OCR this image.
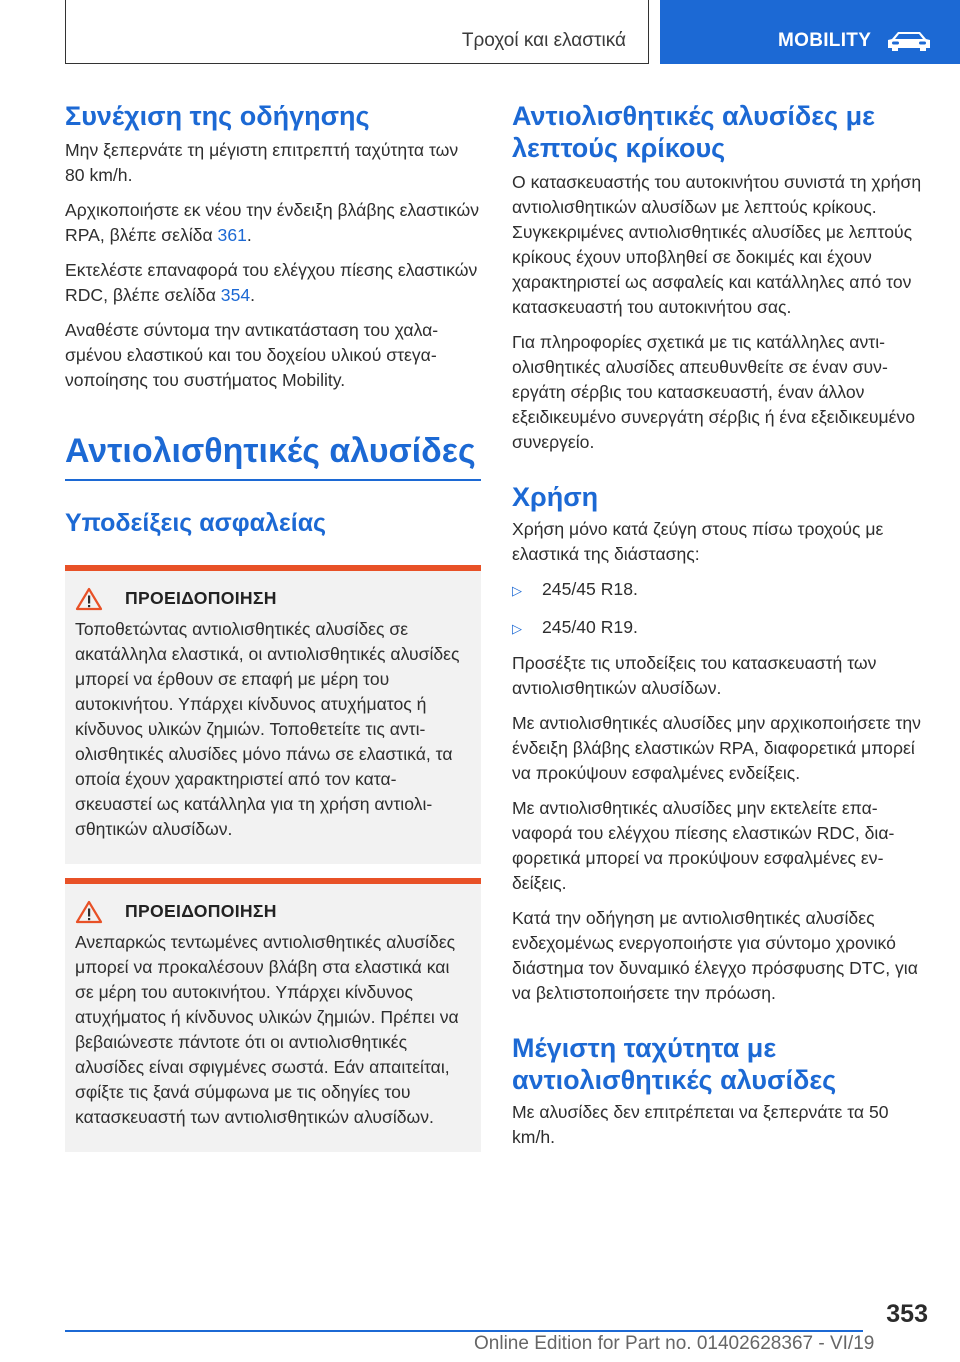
Τροχοί και ελαστικά	MOBILITY
Συνέχιση της οδήγησης

Μην ξεπερνάτε τη μέγιστη επιτρεπτή ταχύτητα των 80 km/h.

Αρχικοποιήστε εκ νέου την ένδειξη βλάβης ελαστικών RPA, βλέπε σελίδα 361.

Εκτελέστε επαναφορά του ελέγχου πίεσης ελαστικών RDC, βλέπε σελίδα 354.

Αναθέστε σύντομα την αντικατάσταση του χαλασμένου ελαστικού και του δοχείου υλικού στεγανοποίησης του συστήματος Mobility.

Αντιολισθητικές αλυσίδες
Υποδείξεις ασφαλείας
ΠΡΟΕΙΔΟΠΟΙΗΣΗ

Τοποθετώντας αντιολισθητικές αλυσίδες σε ακατάλληλα ελαστικά, οι αντιολισθητικές αλυσίδες μπορεί να έρθουν σε επαφή με μέρη του αυτοκινήτου. Υπάρχει κίνδυνος ατυχήματος ή κίνδυνος υλικών ζημιών. Τοποθετείτε τις αντιολισθητικές αλυσίδες μόνο πάνω σε ελαστικά, τα οποία έχουν χαρακτηριστεί από τον κατασκευαστεί ως κατάλληλα για τη χρήση αντιολισθητικών αλυσίδων.

ΠΡΟΕΙΔΟΠΟΙΗΣΗ

Ανεπαρκώς τεντωμένες αντιολισθητικές αλυσίδες μπορεί να προκαλέσουν βλάβη στα ελαστικά και σε μέρη του αυτοκινήτου. Υπάρχει κίνδυνος ατυχήματος ή κίνδυνος υλικών ζημιών. Πρέπει να βεβαιώνεστε πάντοτε ότι οι αντιολισθητικές αλυσίδες είναι σφιγμένες σωστά. Εάν απαιτείται, σφίξτε τις ξανά σύμφωνα με τις οδηγίες του κατασκευαστή των αντιολισθητικών αλυσίδων.

Αντιολισθητικές αλυσίδες με λεπτούς κρίκους

Ο κατασκευαστής του αυτοκινήτου συνιστά τη χρήση αντιολισθητικών αλυσίδων με λεπτούς κρίκους. Συγκεκριμένες αντιολισθητικές αλυσίδες με λεπτούς κρίκους έχουν υποβληθεί σε δοκιμές και έχουν χαρακτηριστεί ως ασφαλείς και κατάλληλες από τον κατασκευαστή του αυτοκινήτου σας.

Για πληροφορίες σχετικά με τις κατάλληλες αντιολισθητικές αλυσίδες απευθυνθείτε σε έναν συνεργάτη σέρβις του κατασκευαστή, έναν άλλον εξειδικευμένο συνεργάτη σέρβις ή ένα εξειδικευμένο συνεργείο.

Χρήση

Χρήση μόνο κατά ζεύγη στους πίσω τροχούς με ελαστικά της διάστασης:

▷	245/45 R18.
▷	245/40 R19.

Προσέξτε τις υποδείξεις του κατασκευαστή των αντιολισθητικών αλυσίδων.

Με αντιολισθητικές αλυσίδες μην αρχικοποιήσετε την ένδειξη βλάβης ελαστικών RPA, διαφορετικά μπορεί να προκύψουν εσφαλμένες ενδείξεις.

Με αντιολισθητικές αλυσίδες μην εκτελείτε επαναφορά του ελέγχου πίεσης ελαστικών RDC, διαφορετικά μπορεί να προκύψουν εσφαλμένες ενδείξεις.

Κατά την οδήγηση με αντιολισθητικές αλυσίδες ενδεχομένως ενεργοποιήστε για σύντομο χρονικό διάστημα τον δυναμικό έλεγχο πρόσφυσης DTC, για να βελτιστοποιήσετε την πρόωση.

Μέγιστη ταχύτητα με αντιολισθητικές αλυσίδες

Με αλυσίδες δεν επιτρέπεται να ξεπερνάτε τα 50 km/h.

353
Online Edition for Part no. 01402628367 - VI/19
